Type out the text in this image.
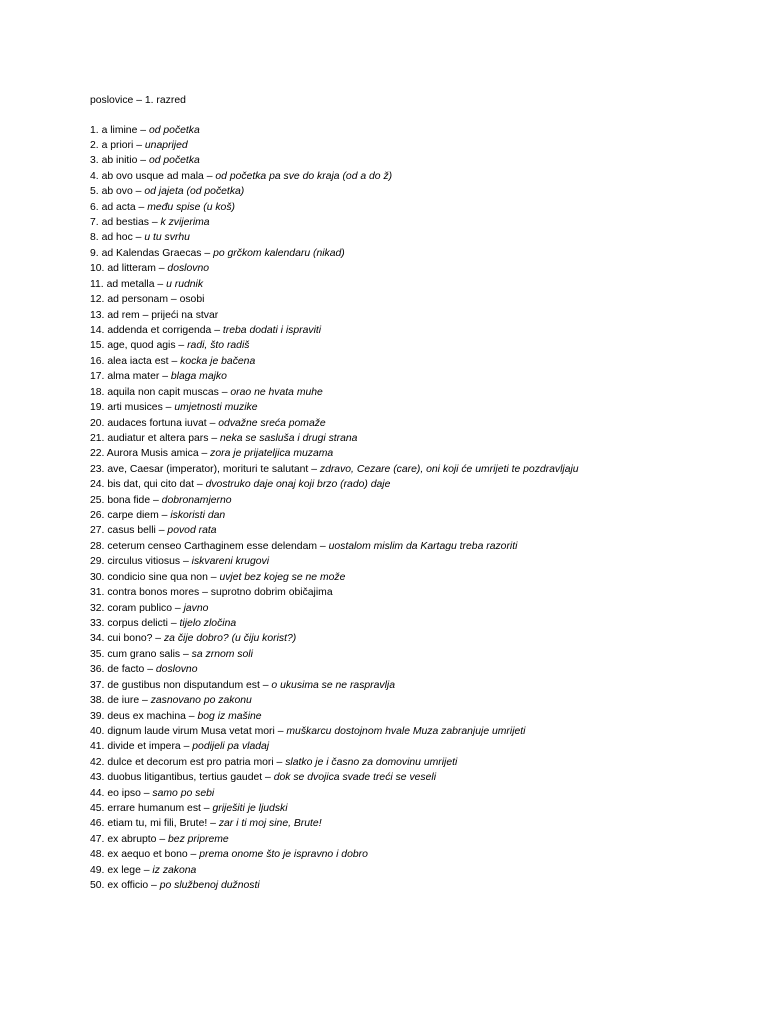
poslovice – 1. razred
1. a limine – od početka
2. a priori – unaprijed
3. ab initio – od početka
4. ab ovo usque ad mala – od početka pa sve do kraja (od a do ž)
5. ab ovo – od jajeta (od početka)
6. ad acta – među spise (u koš)
7. ad bestias – k zvijerima
8. ad hoc – u tu svrhu
9. ad Kalendas Graecas – po grčkom kalendaru (nikad)
10. ad litteram – doslovno
11. ad metalla – u rudnik
12. ad personam – osobi
13. ad rem – prijeći na stvar
14. addenda et corrigenda – treba dodati i ispraviti
15. age, quod agis – radi, što radiš
16. alea iacta est – kocka je bačena
17. alma mater – blaga majko
18. aquila non capit muscas – orao ne hvata muhe
19. arti musices – umjetnosti muzike
20. audaces fortuna iuvat – odvažne sreća pomaže
21. audiatur et altera pars – neka se sasluša i drugi strana
22. Aurora Musis amica – zora je prijateljica muzama
23. ave, Caesar (imperator), morituri te salutant – zdravo, Cezare (care), oni koji će umrijeti te pozdravljaju
24. bis dat, qui cito dat – dvostruko daje onaj koji brzo (rado) daje
25. bona fide – dobronamjerno
26. carpe diem – iskoristi dan
27. casus belli – povod rata
28. ceterum censeo Carthaginem esse delendam – uostalom mislim da Kartagu treba razoriti
29. circulus vitiosus – iskvareni krugovi
30. condicio sine qua non – uvjet bez kojeg se ne može
31. contra bonos mores – suprotno dobrim običajima
32. coram publico – javno
33. corpus delicti – tijelo zločina
34. cui bono? – za čije dobro? (u čiju korist?)
35. cum grano salis – sa zrnom soli
36. de facto – doslovno
37. de gustibus non disputandum est – o ukusima se ne raspravlja
38. de iure – zasnovano po zakonu
39. deus ex machina – bog iz mašine
40. dignum laude virum Musa vetat mori – muškarcu dostojnom hvale Muza zabranjuje umrijeti
41. divide et impera – podijeli pa vladaj
42. dulce et decorum est pro patria mori – slatko je i časno za domovinu umrijeti
43. duobus litigantibus, tertius gaudet – dok se dvojica svade treći se veseli
44. eo ipso – samo po sebi
45. errare humanum est – griješiti je ljudski
46. etiam tu, mi fili, Brute! – zar i ti moj sine, Brute!
47. ex abrupto – bez pripreme
48. ex aequo et bono – prema onome što je ispravno i dobro
49. ex lege – iz zakona
50. ex officio – po službenoj dužnosti
